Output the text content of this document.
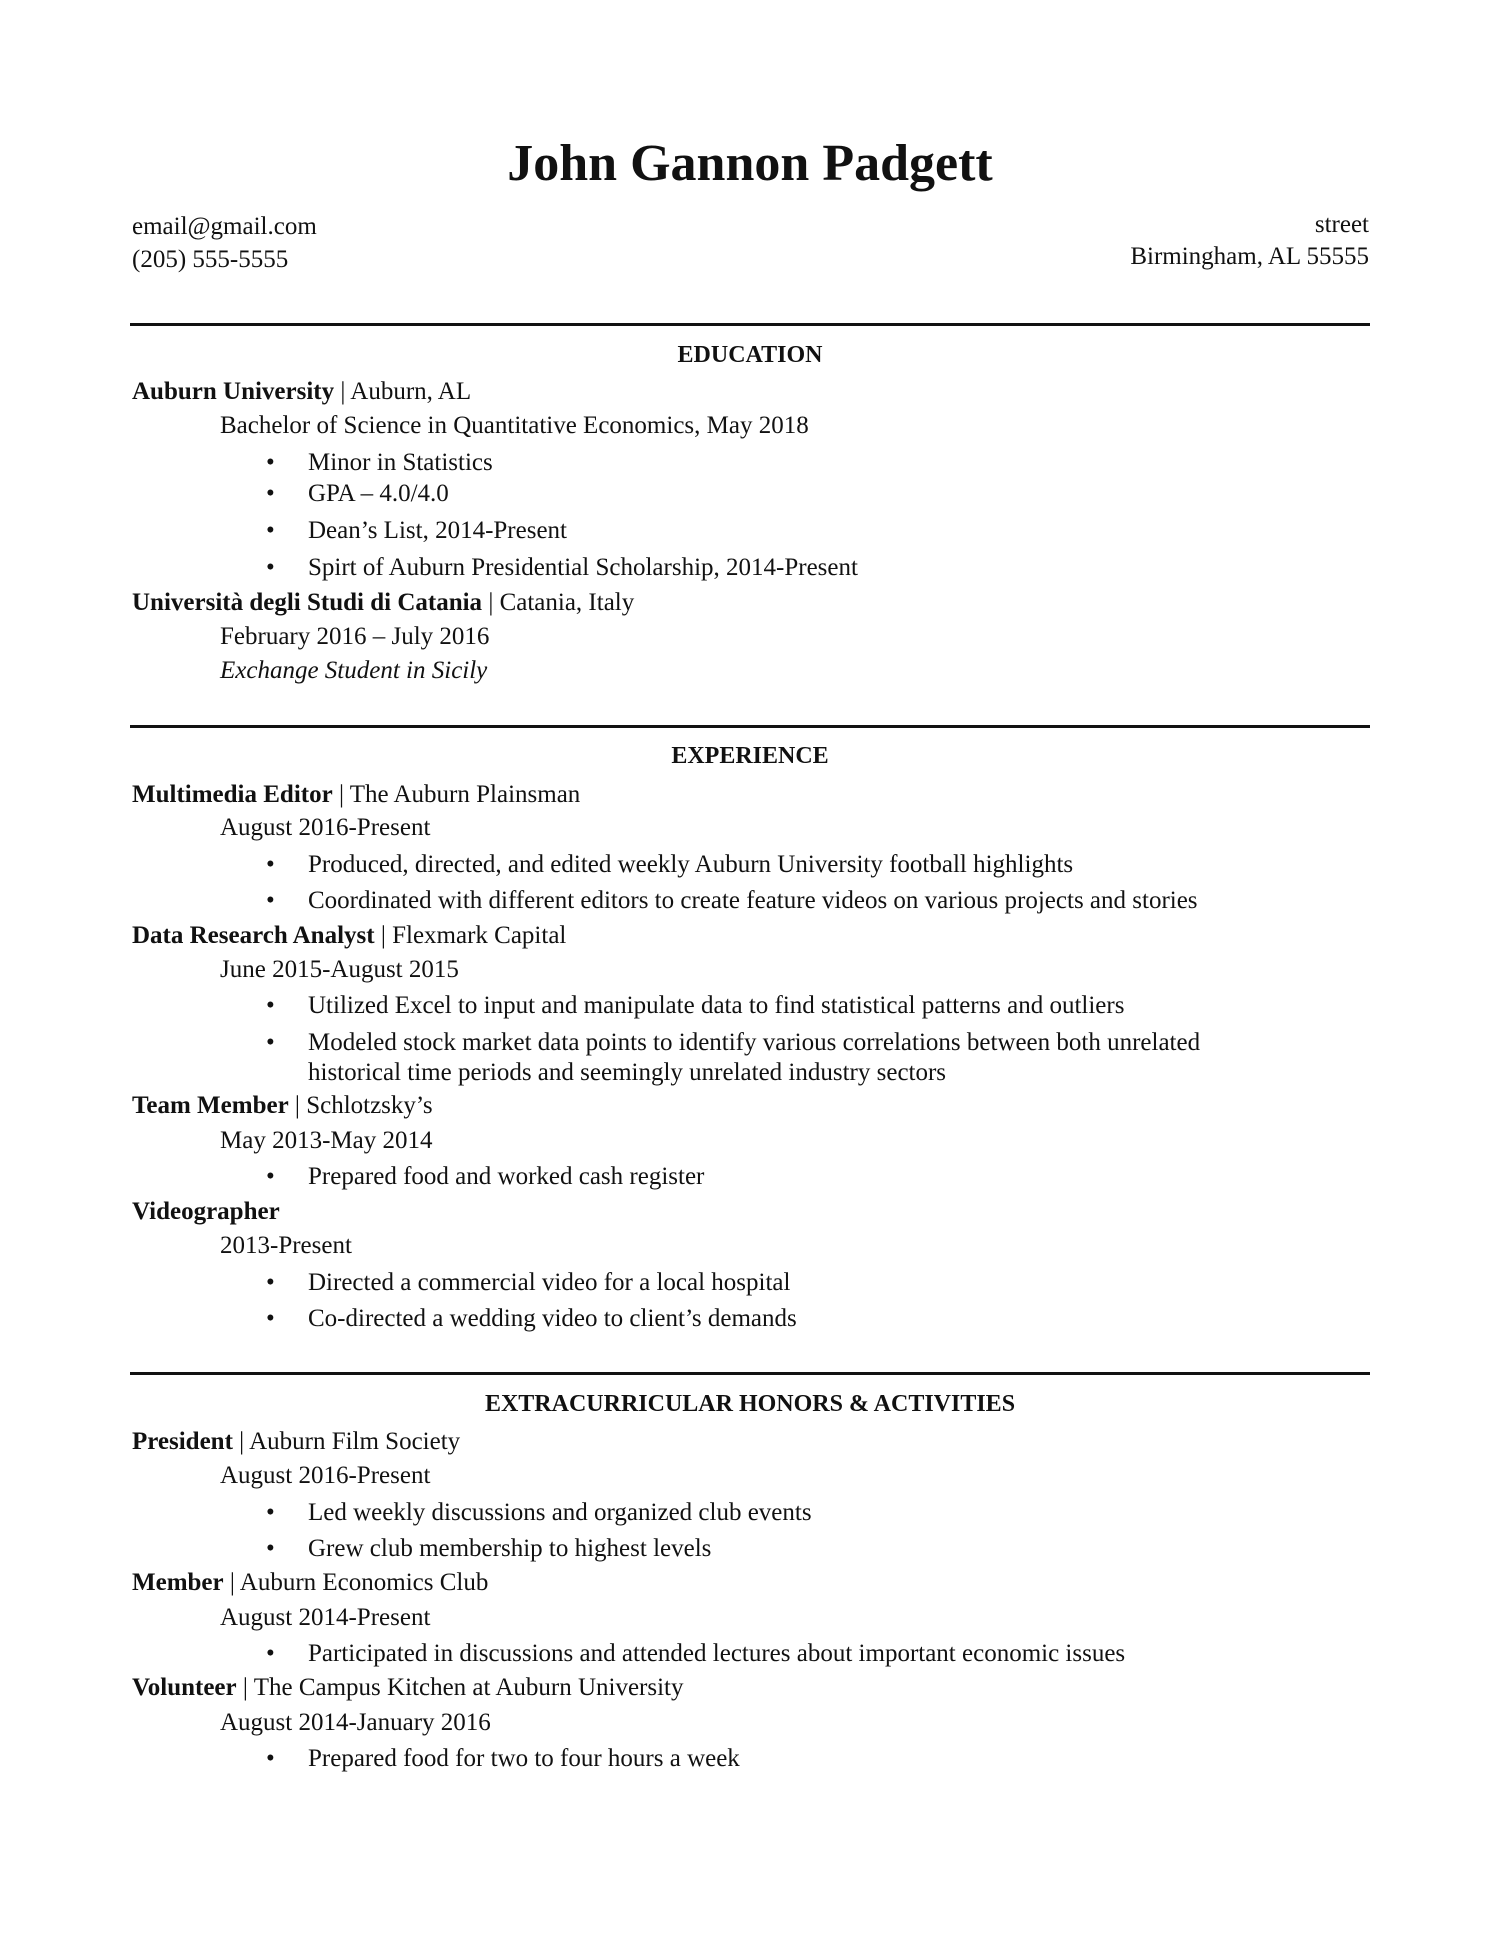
John Gannon Padgett
email@gmail.com
(205) 555-5555
street
Birmingham, AL 55555
EDUCATION
Auburn University | Auburn, AL
Bachelor of Science in Quantitative Economics, May 2018
• Minor in Statistics
• GPA – 4.0/4.0
• Dean’s List, 2014-Present
• Spirt of Auburn Presidential Scholarship, 2014-Present
Università degli Studi di Catania | Catania, Italy
February 2016 – July 2016
Exchange Student in Sicily
EXPERIENCE
Multimedia Editor | The Auburn Plainsman
August 2016-Present
• Produced, directed, and edited weekly Auburn University football highlights
• Coordinated with different editors to create feature videos on various projects and stories
Data Research Analyst | Flexmark Capital
June 2015-August 2015
• Utilized Excel to input and manipulate data to find statistical patterns and outliers
• Modeled stock market data points to identify various correlations between both unrelated
historical time periods and seemingly unrelated industry sectors
Team Member | Schlotzsky’s
May 2013-May 2014
• Prepared food and worked cash register
Videographer
2013-Present
• Directed a commercial video for a local hospital
• Co-directed a wedding video to client’s demands
EXTRACURRICULAR HONORS & ACTIVITIES
President | Auburn Film Society
August 2016-Present
• Led weekly discussions and organized club events
• Grew club membership to highest levels
Member | Auburn Economics Club
August 2014-Present
• Participated in discussions and attended lectures about important economic issues
Volunteer | The Campus Kitchen at Auburn University
August 2014-January 2016
• Prepared food for two to four hours a week
